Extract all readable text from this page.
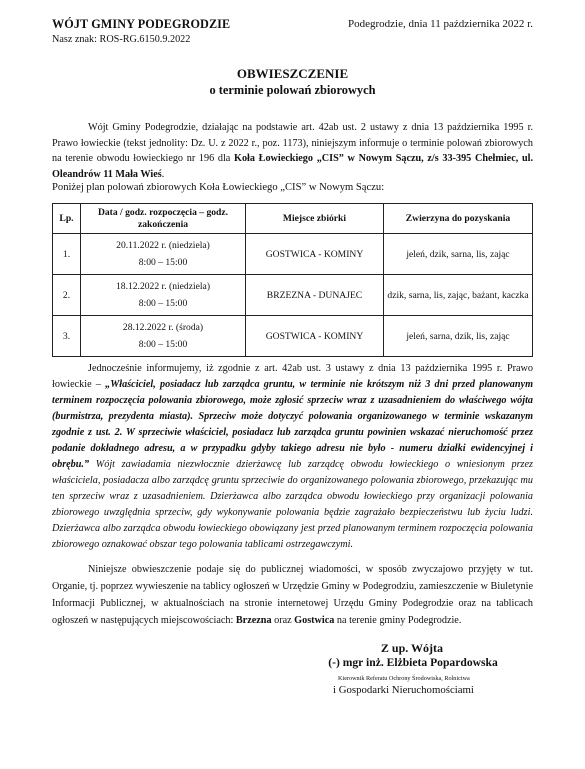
WÓJT GMINY PODEGRODZIE
Nasz znak: ROS-RG.6150.9.2022
Podegrodzie, dnia 11 października 2022 r.
OBWIESZCZENIE
o terminie polowań zbiorowych

Wójt Gminy Podegrodzie, działając na podstawie art. 42ab ust. 2 ustawy z dnia 13 października 1995 r. Prawo łowieckie (tekst jednolity: Dz. U. z 2022 r., poz. 1173), niniejszym informuje o terminie polowań zbiorowych na terenie obwodu łowieckiego nr 196 dla Koła Łowieckiego „CIS” w Nowym Sączu, z/s 33-395 Chełmiec, ul. Oleandrów 11 Mała Wieś.

Poniżej plan polowań zbiorowych Koła Łowieckiego „CIS” w Nowym Sączu:
Lp.	Data / godz. rozpoczęcia – godz. zakończenia	Miejsce zbiórki	Zwierzyna do pozyskania
1.	20.11.2022 r. (niedziela)
8:00 – 15:00	GOSTWICA - KOMINY	jeleń, dzik, sarna, lis, zając
2.	18.12.2022 r. (niedziela)
8:00 – 15:00	BRZEZNA - DUNAJEC	dzik, sarna, lis, zając, bażant, kaczka
3.	28.12.2022 r. (środa)
8:00 – 15:00	GOSTWICA - KOMINY	jeleń, sarna, dzik, lis, zając

Jednocześnie informujemy, iż zgodnie z art. 42ab ust. 3 ustawy z dnia 13 października 1995 r. Prawo łowieckie – „Właściciel, posiadacz lub zarządca gruntu, w terminie nie krótszym niż 3 dni przed planowanym terminem rozpoczęcia polowania zbiorowego, może zgłosić sprzeciw wraz z uzasadnieniem do właściwego wójta (burmistrza, prezydenta miasta). Sprzeciw może dotyczyć polowania organizowanego w terminie wskazanym zgodnie z ust. 2. W sprzeciwie właściciel, posiadacz lub zarządca gruntu powinien wskazać nieruchomość przez podanie dokładnego adresu, a w przypadku gdyby takiego adresu nie było - numeru działki ewidencyjnej i obrębu.” Wójt zawiadamia niezwłocznie dzierżawcę lub zarządcę obwodu łowieckiego o wniesionym przez właściciela, posiadacza albo zarządcę gruntu sprzeciwie do organizowanego polowania zbiorowego, przekazując mu ten sprzeciw wraz z uzasadnieniem. Dzierżawca albo zarządca obwodu łowieckiego przy organizacji polowania zbiorowego uwzględnia sprzeciw, gdy wykonywanie polowania będzie zagrażało bezpieczeństwu lub życiu ludzi. Dzierżawca albo zarządca obwodu łowieckiego obowiązany jest przed planowanym terminem rozpoczęcia polowania zbiorowego oznakować obszar tego polowania tablicami ostrzegawczymi.

Niniejsze obwieszczenie podaje się do publicznej wiadomości, w sposób zwyczajowo przyjęty w tut. Organie, tj. poprzez wywieszenie na tablicy ogłoszeń w Urzędzie Gminy w Podegrodziu, zamieszczenie w Biuletynie Informacji Publicznej, w aktualnościach na stronie internetowej Urzędu Gminy Podegrodzie oraz na tablicach ogłoszeń w następujących miejscowościach: Brzezna oraz Gostwica na terenie gminy Podegrodzie.

Z up. Wójta
(-) mgr inż. Elżbieta Popardowska
Kierownik Referatu Ochrony Środowiska, Rolnictwa
i Gospodarki Nieruchomościami
